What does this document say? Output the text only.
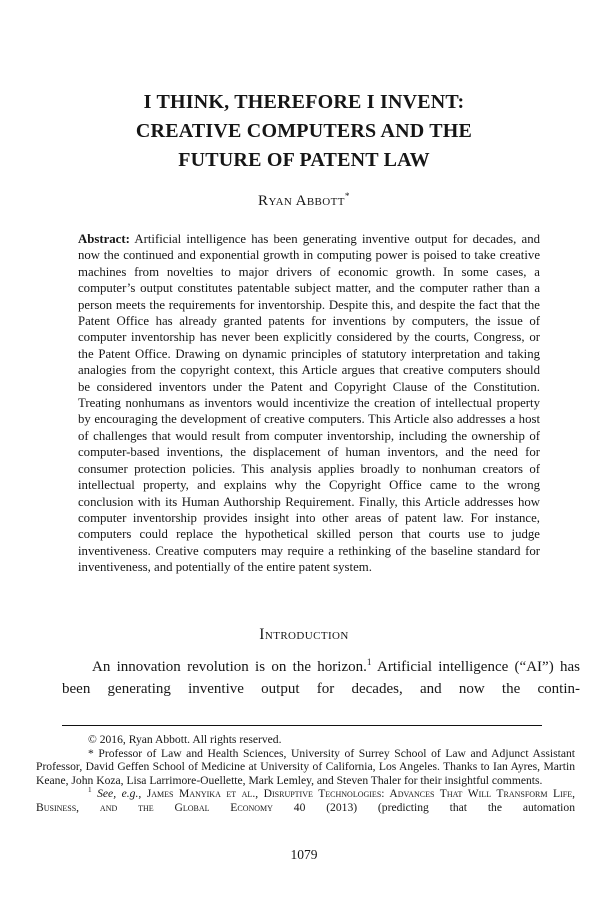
I THINK, THEREFORE I INVENT:
CREATIVE COMPUTERS AND THE
FUTURE OF PATENT LAW
Ryan Abbott*
Abstract: Artificial intelligence has been generating inventive output for decades, and now the continued and exponential growth in computing power is poised to take creative machines from novelties to major drivers of economic growth. In some cases, a computer’s output constitutes patentable subject matter, and the computer rather than a person meets the requirements for inventorship. Despite this, and despite the fact that the Patent Office has already granted patents for inventions by computers, the issue of computer inventorship has never been explicitly considered by the courts, Congress, or the Patent Office. Drawing on dynamic principles of statutory interpretation and taking analogies from the copyright context, this Article argues that creative computers should be considered inventors under the Patent and Copyright Clause of the Constitution. Treating nonhumans as inventors would incentivize the creation of intellectual property by encouraging the development of creative computers. This Article also addresses a host of challenges that would result from computer inventorship, including the ownership of computer-based inventions, the displacement of human inventors, and the need for consumer protection policies. This analysis applies broadly to nonhuman creators of intellectual property, and explains why the Copyright Office came to the wrong conclusion with its Human Authorship Requirement. Finally, this Article addresses how computer inventorship provides insight into other areas of patent law. For instance, computers could replace the hypothetical skilled person that courts use to judge inventiveness. Creative computers may require a rethinking of the baseline standard for inventiveness, and potentially of the entire patent system.
Introduction

An innovation revolution is on the horizon.$^1$ Artificial intelligence (“AI”) has been generating inventive output for decades, and now the contin-

© 2016, Ryan Abbott. All rights reserved.

* Professor of Law and Health Sciences, University of Surrey School of Law and Adjunct Assistant Professor, David Geffen School of Medicine at University of California, Los Angeles. Thanks to Ian Ayres, Martin Keane, John Koza, Lisa Larrimore-Ouellette, Mark Lemley, and Steven Thaler for their insightful comments.

$^1$ See, e.g., James Manyika et al., Disruptive Technologies: Advances That Will Transform Life, Business, and the Global Economy 40 (2013) (predicting that the automation

1079
